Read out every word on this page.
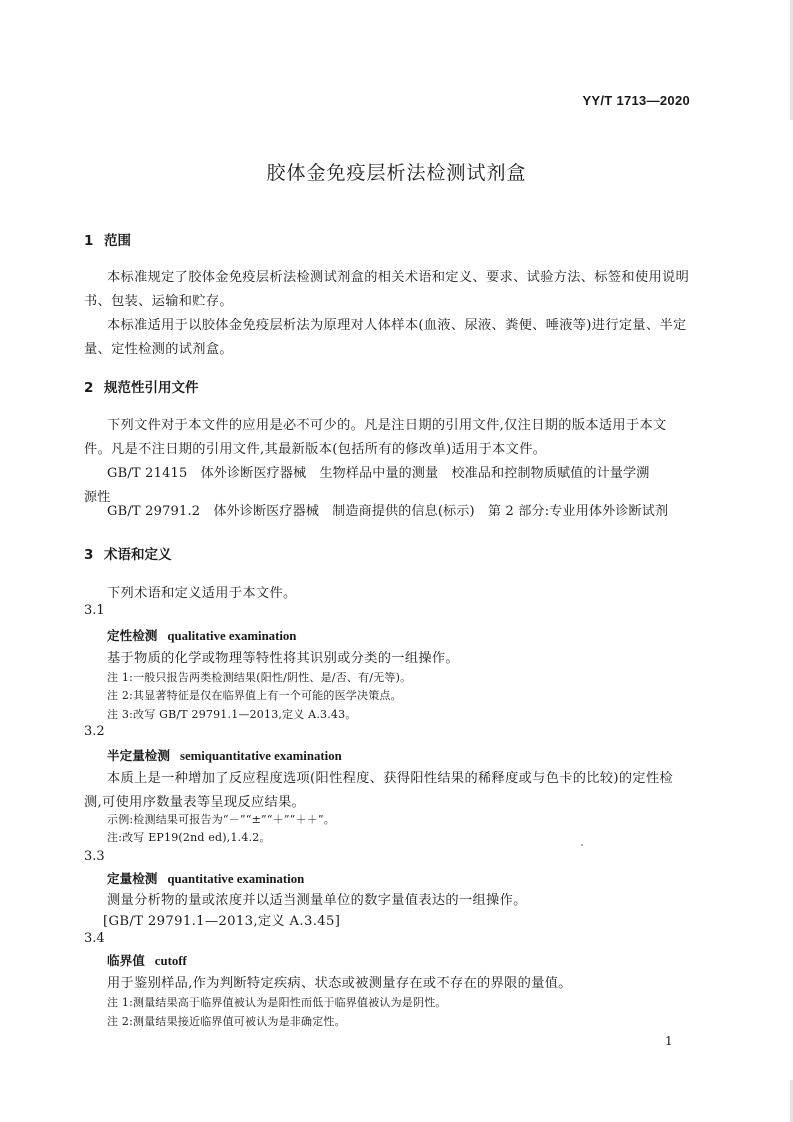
YY/T 1713—2020
胶体金免疫层析法检测试剂盒
1 范围
本标准规定了胶体金免疫层析法检测试剂盒的相关术语和定义、要求、试验方法、标签和使用说明
书、包装、运输和贮存。
本标准适用于以胶体金免疫层析法为原理对人体样本(血液、尿液、粪便、唾液等)进行定量、半定
量、定性检测的试剂盒。
2 规范性引用文件
下列文件对于本文件的应用是必不可少的。凡是注日期的引用文件,仅注日期的版本适用于本文
件。凡是不注日期的引用文件,其最新版本(包括所有的修改单)适用于本文件。
GB/T 21415　体外诊断医疗器械　生物样品中量的测量　校准品和控制物质赋值的计量学溯
源性
GB/T 29791.2　体外诊断医疗器械　制造商提供的信息(标示)　第 2 部分:专业用体外诊断试剂
3 术语和定义
下列术语和定义适用于本文件。
3.1
定性检测 qualitative examination
基于物质的化学或物理等特性将其识别或分类的一组操作。
注 1:一般只报告两类检测结果(阳性/阴性、是/否、有/无等)。
注 2:其显著特征是仅在临界值上有一个可能的医学决策点。
注 3:改写 GB/T 29791.1—2013,定义 A.3.43。
3.2
半定量检测 semiquantitative examination
本质上是一种增加了反应程度选项(阳性程度、获得阳性结果的稀释度或与色卡的比较)的定性检
测,可使用序数量表等呈现反应结果。
示例:检测结果可报告为“－”“±”“＋”“＋＋”。
注:改写 EP19(2nd ed),1.4.2。
3.3
定量检测 quantitative examination
测量分析物的量或浓度并以适当测量单位的数字量值表达的一组操作。
[GB/T 29791.1—2013,定义 A.3.45]
3.4
临界值 cutoff
用于鉴别样品,作为判断特定疾病、状态或被测量存在或不存在的界限的量值。
注 1:测量结果高于临界值被认为是阳性而低于临界值被认为是阴性。
注 2:测量结果接近临界值可被认为是非确定性。
1
